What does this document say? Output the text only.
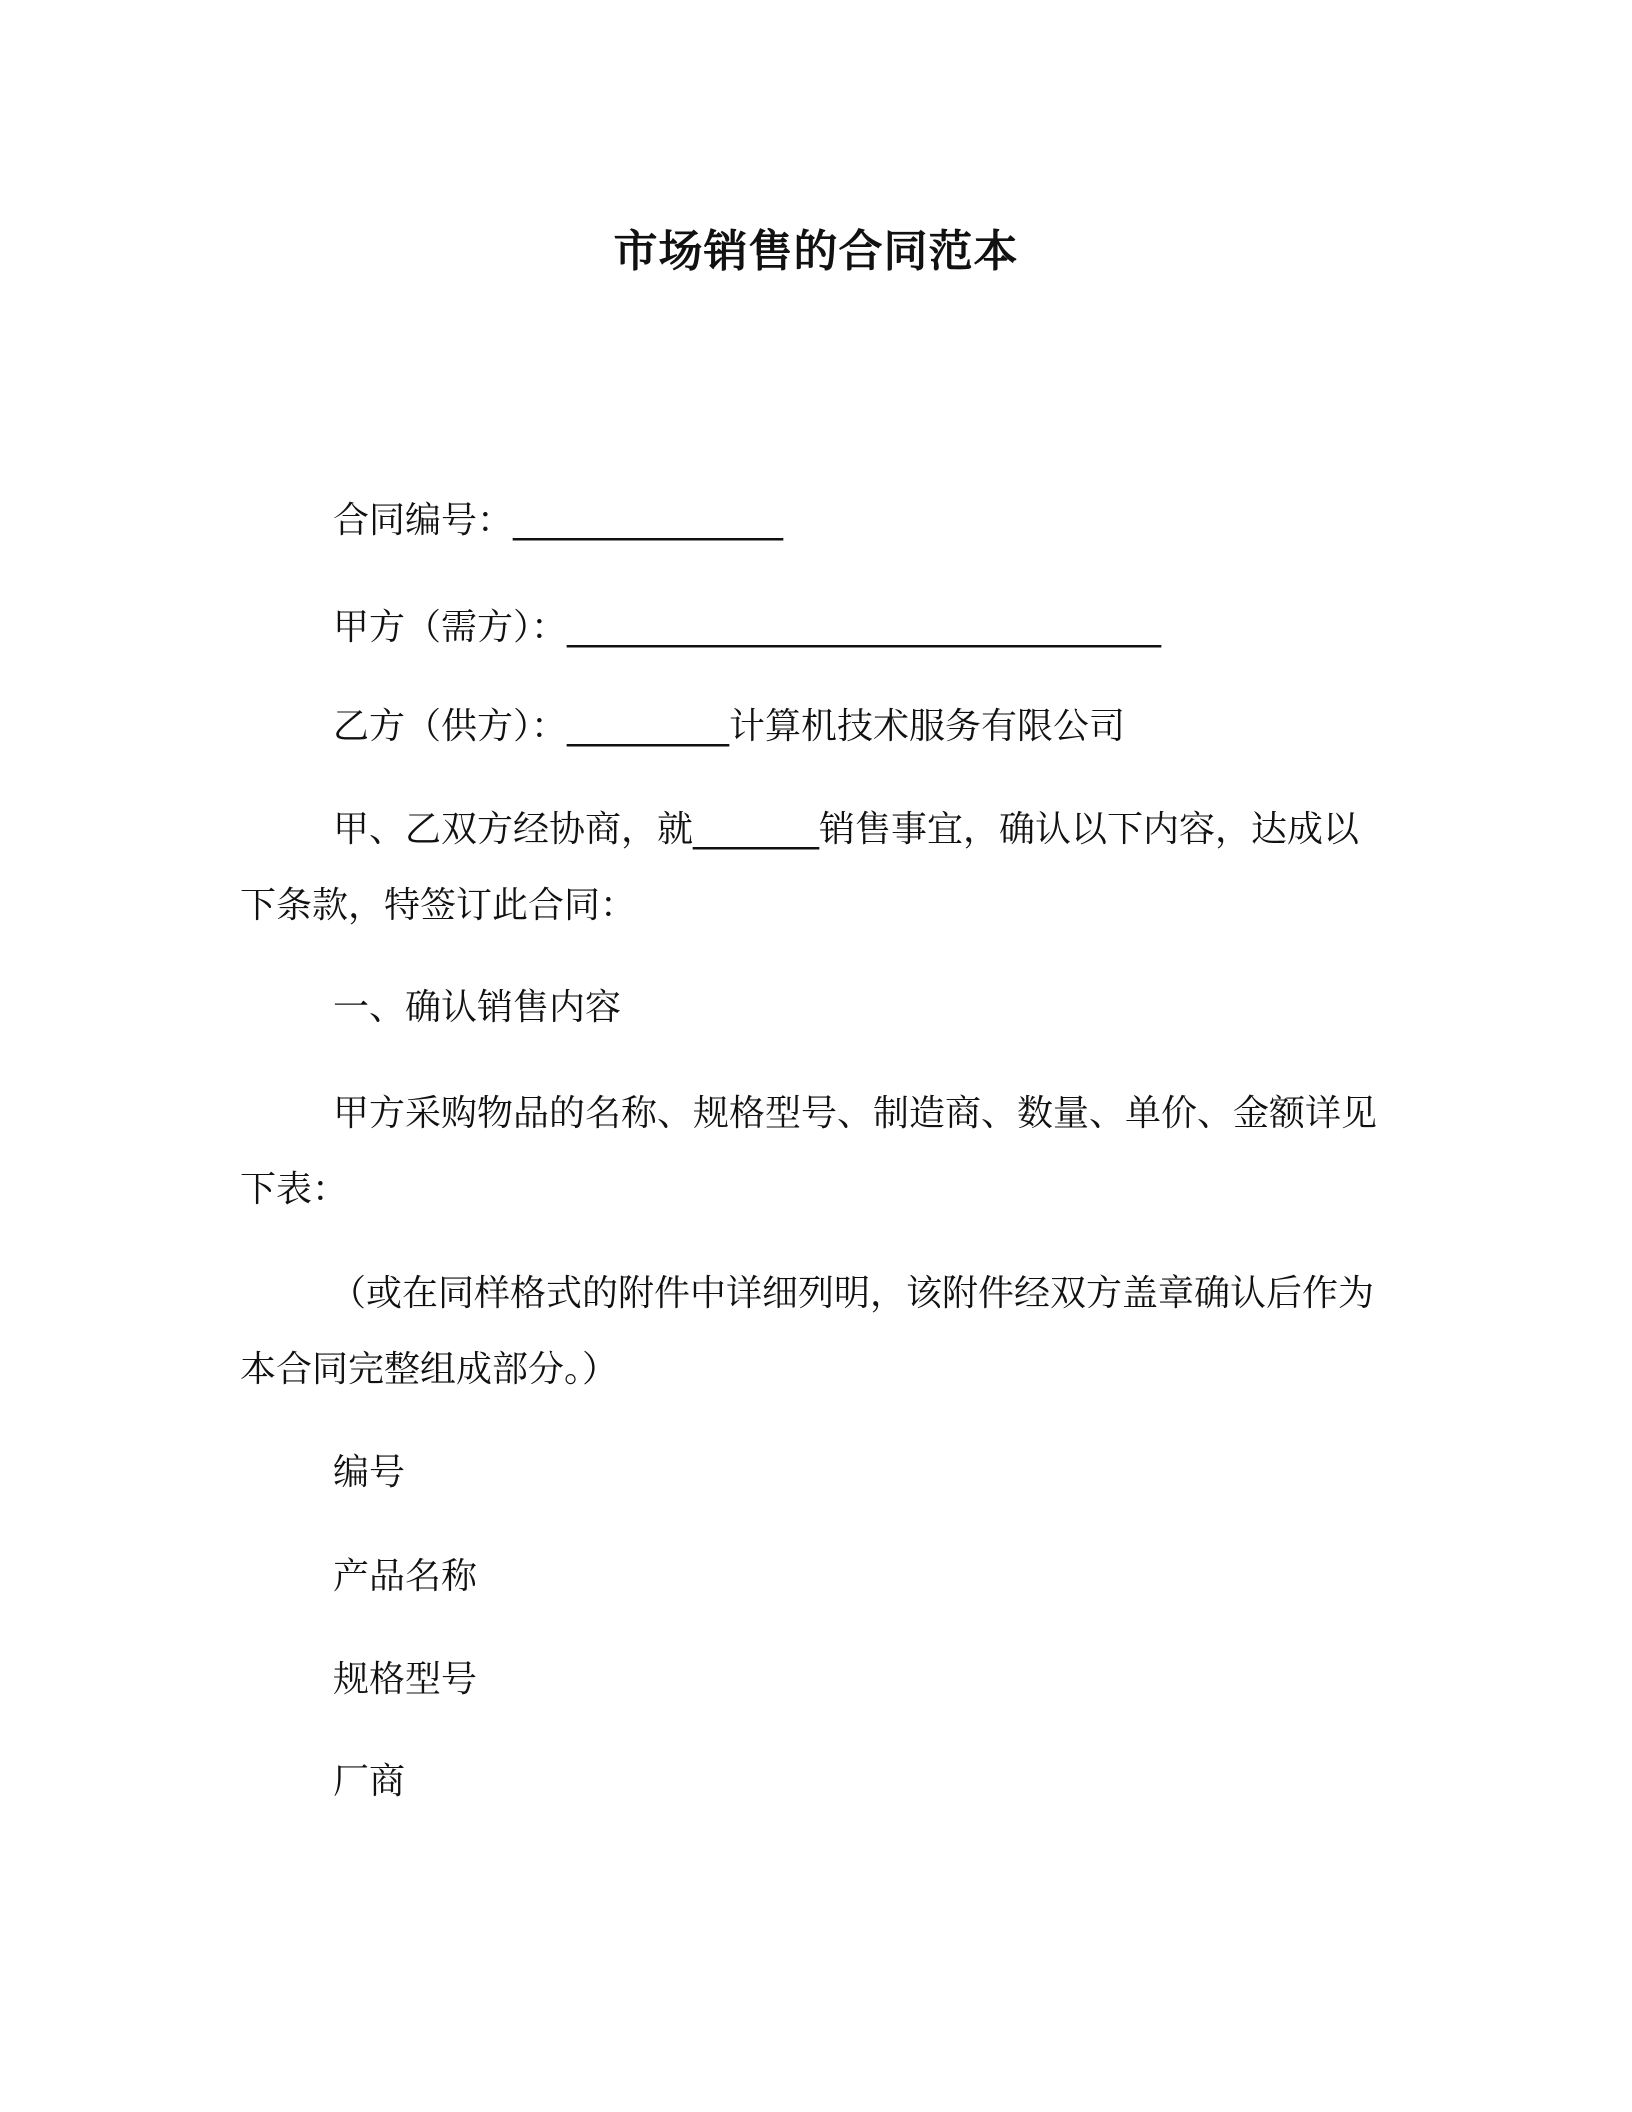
市场销售的合同范本
合同编号：_______________
甲方（需方）：_________________________________
乙方（供方）：_________计算机技术服务有限公司
甲、乙双方经协商，就_______销售事宜，确认以下内容，达成以下条款，特签订此合同：
一、确认销售内容
甲方采购物品的名称、规格型号、制造商、数量、单价、金额详见下表：
（或在同样格式的附件中详细列明，该附件经双方盖章确认后作为本合同完整组成部分。）
编号
产品名称
规格型号
厂商
